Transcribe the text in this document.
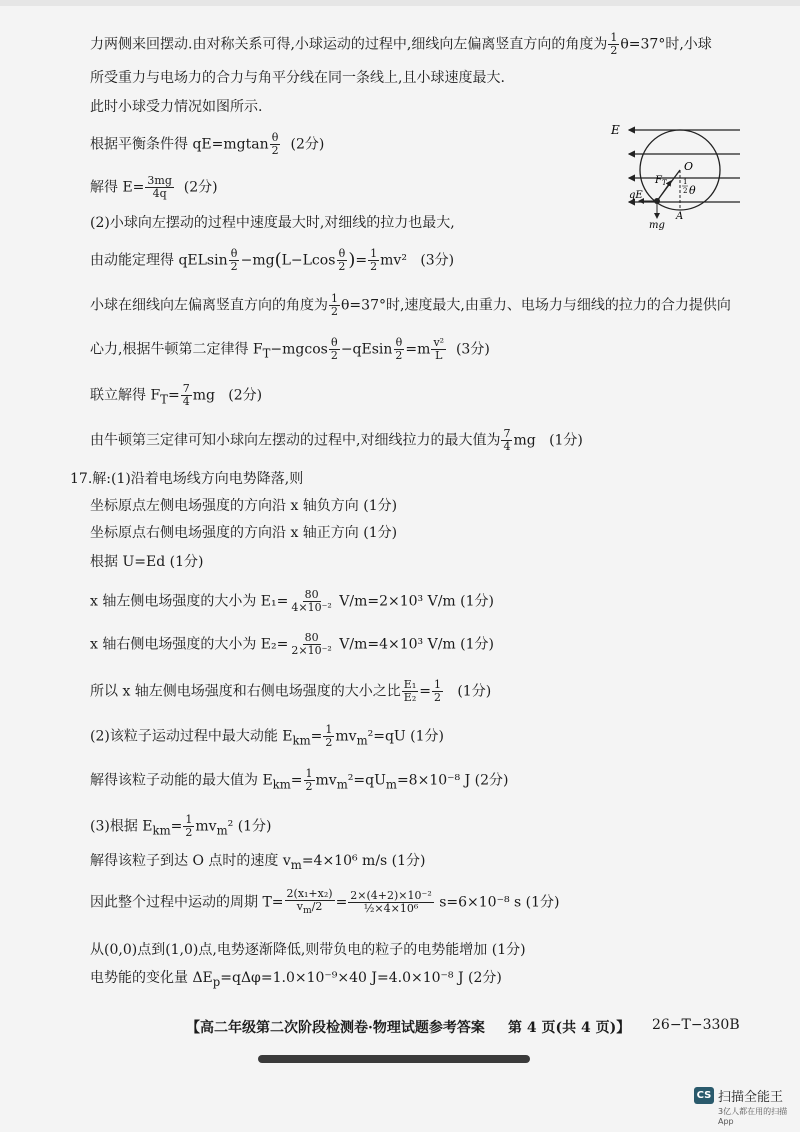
力两侧来回摆动.由对称关系可得,小球运动的过程中,细线向左偏离竖直方向的角度为 $\frac{1}{2} \theta=37^\circ$时,小球
所受重力与电场力的合力与角平分线在同一条线上,且小球速度最大.
此时小球受力情况如图所示.
根据平衡条件得 $qE=mgtan \frac{\theta}{2} (2$分)
解得 $E= \frac{3mg}{4q} (2$分)
(2)小球向左摆动的过程中速度最大时,对细线的拉力也最大,
由动能定理得 qELsin $\frac{\theta}{2} -mg(L-Lcos \frac{\theta}{2}$ )= $\frac{1}{2} mv^2$ (3分)
小球在细线向左偏离竖直方向的角度为 $\frac{1}{2} \theta=37^\circ$时,速度最大,由重力、电场力与细线的拉力的合力提供向
心力,根据牛顿第二定律得 $F_T-mgcos \frac{\theta}{2} -qEsin \frac{\theta}{2} =m \frac{\text{v²}}{L} (3$分)
联立解得 $F_T= \frac{7}{4}$ mg (2分)
由牛顿第三定律可知小球向左摆动的过程中,对细线拉力的最大值为 $\frac{7}{4}$ mg (1分)
E
O
$F_T$ 1
2 θ
qE
mg
A
17.解:(1)沿着电场线方向电势降落,则
坐标原点左侧电场强度的方向沿 x 轴负方向 (1分)
坐标原点右侧电场强度的方向沿 x 轴正方向 (1分)
根据 U=Ed (1分)
x 轴左侧电场强度的大小为 $E_1= \frac{80}{\text{4×10⁻²}} V/m=2\times 10^3$ V/m (1分)
x 轴右侧电场强度的大小为 $E_2= \frac{80}{\text{2×10⁻²}} V/m=4\times 10^3$ V/m (1分)
所以 x 轴左侧电场强度和右侧电场强度的大小之比 $\frac{\text{E₁}}{\text{E₂}} = \frac{1}{2} (1$分)
(2)该粒子运动过程中最大动能 $E_{km}= \frac{1}{2} mv_m^2=qU$ (1分)
解得该粒子动能的最大值为 $E_{km}= \frac{1}{2} mv_m^2=qU_m=8\times 10^{-8}$ J (2分)
(3)根据 $E_{km}= \frac{1}{2} mv_m^2$ (1分)
解得该粒子到达 O 点时的速度 $v_m=4\times 10^6$ m/s (1分)
因此整个过程中运动的周期 $T= \frac{\text{2(x₁+x₂)}}{v_m/2} = \frac{\text{2×(4+2)×10⁻²}}{\text{½×4×10⁶}} s=6\times 10^{-8}$ s (1分)
从(0,0)点到(1,0)点,电势逐渐降低,则带负电的粒子的电势能增加 (1分)
电势能的变化量 $\Delta E_p=q\Delta\varphi=1.0\times 10^{-9}\times 40$ J=4.0×10⁻⁸ J (2分)
【高二年级第二次阶段检测卷·物理试题参考答案 第 4 页(共 4 页)】 26−T−330B
CS 扫描全能王
3亿人都在用的扫描App
